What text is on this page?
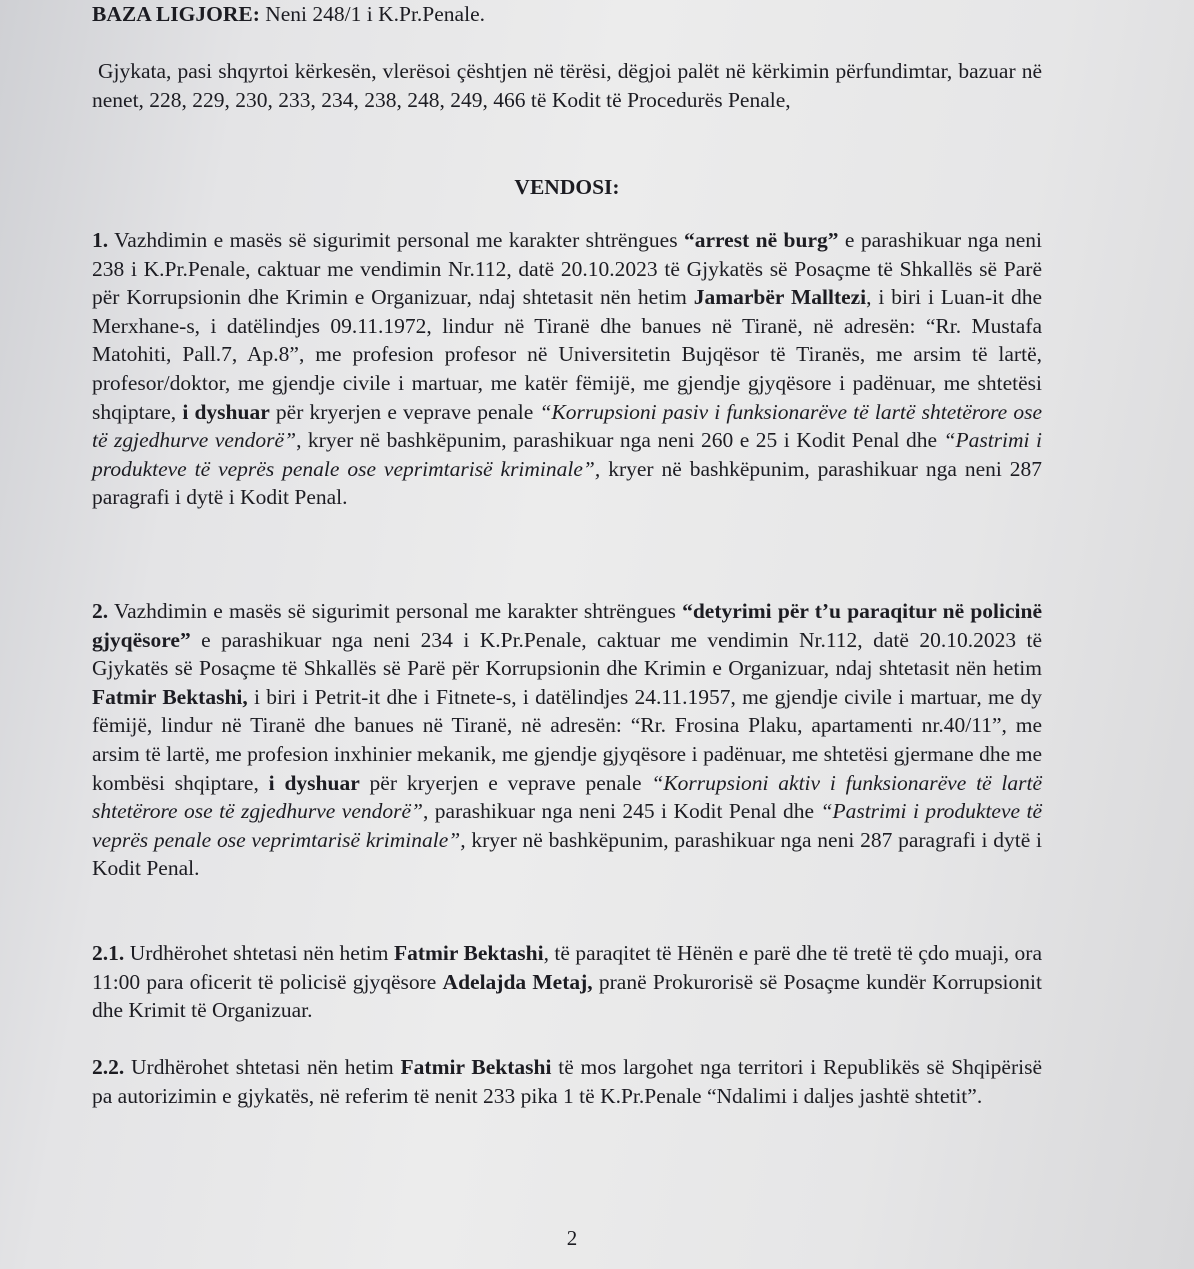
BAZA LIGJORE: Neni 248/1 i K.Pr.Penale.

Gjykata, pasi shqyrtoi kërkesën, vlerësoi çështjen në tërësi, dëgjoi palët në kërkimin përfundimtar, bazuar në nenet, 228, 229, 230, 233, 234, 238, 248, 249, 466 të Kodit të Procedurës Penale,

VENDOSI:

1. Vazhdimin e masës së sigurimit personal me karakter shtrëngues “arrest në burg” e parashikuar nga neni 238 i K.Pr.Penale, caktuar me vendimin Nr.112, datë 20.10.2023 të Gjykatës së Posaçme të Shkallës së Parë për Korrupsionin dhe Krimin e Organizuar, ndaj shtetasit nën hetim Jamarbër Malltezi, i biri i Luan-it dhe Merxhane-s, i datëlindjes 09.11.1972, lindur në Tiranë dhe banues në Tiranë, në adresën: “Rr. Mustafa Matohiti, Pall.7, Ap.8”, me profesion profesor në Universitetin Bujqësor të Tiranës, me arsim të lartë, profesor/doktor, me gjendje civile i martuar, me katër fëmijë, me gjendje gjyqësore i padënuar, me shtetësi shqiptare, i dyshuar për kryerjen e veprave penale “Korrupsioni pasiv i funksionarëve të lartë shtetërore ose të zgjedhurve vendorë”, kryer në bashkëpunim, parashikuar nga neni 260 e 25 i Kodit Penal dhe “Pastrimi i produkteve të veprës penale ose veprimtarisë kriminale”, kryer në bashkëpunim, parashikuar nga neni 287 paragrafi i dytë i Kodit Penal.

2. Vazhdimin e masës së sigurimit personal me karakter shtrëngues “detyrimi për t’u paraqitur në policinë gjyqësore” e parashikuar nga neni 234 i K.Pr.Penale, caktuar me vendimin Nr.112, datë 20.10.2023 të Gjykatës së Posaçme të Shkallës së Parë për Korrupsionin dhe Krimin e Organizuar, ndaj shtetasit nën hetim Fatmir Bektashi, i biri i Petrit-it dhe i Fitnete-s, i datëlindjes 24.11.1957, me gjendje civile i martuar, me dy fëmijë, lindur në Tiranë dhe banues në Tiranë, në adresën: “Rr. Frosina Plaku, apartamenti nr.40/11”, me arsim të lartë, me profesion inxhinier mekanik, me gjendje gjyqësore i padënuar, me shtetësi gjermane dhe me kombësi shqiptare, i dyshuar për kryerjen e veprave penale “Korrupsioni aktiv i funksionarëve të lartë shtetërore ose të zgjedhurve vendorë”, parashikuar nga neni 245 i Kodit Penal dhe “Pastrimi i produkteve të veprës penale ose veprimtarisë kriminale”, kryer në bashkëpunim, parashikuar nga neni 287 paragrafi i dytë i Kodit Penal.

2.1. Urdhërohet shtetasi nën hetim Fatmir Bektashi, të paraqitet të Hënën e parë dhe të tretë të çdo muaji, ora 11:00 para oficerit të policisë gjyqësore Adelajda Metaj, pranë Prokurorisë së Posaçme kundër Korrupsionit dhe Krimit të Organizuar.

2.2. Urdhërohet shtetasi nën hetim Fatmir Bektashi të mos largohet nga territori i Republikës së Shqipërisë pa autorizimin e gjykatës, në referim të nenit 233 pika 1 të K.Pr.Penale “Ndalimi i daljes jashtë shtetit”.

2
